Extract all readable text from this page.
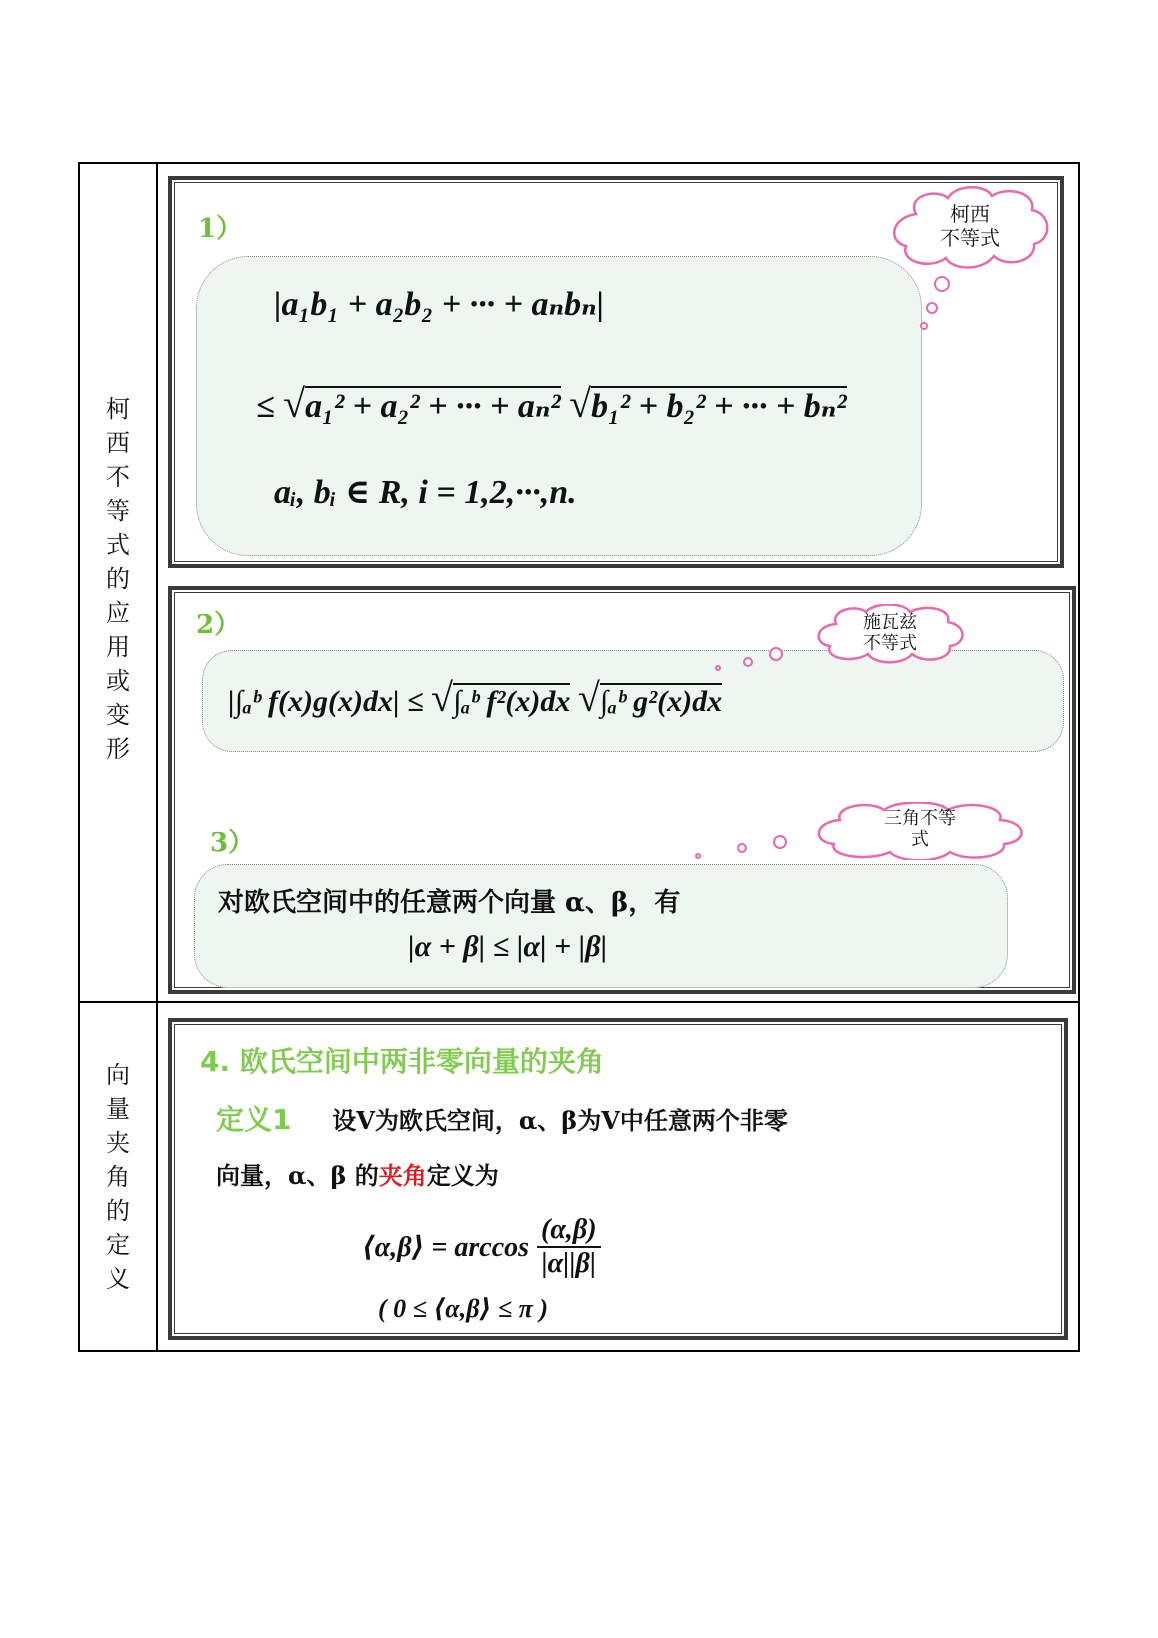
柯
西
不
等
式
的
应
用
或
变
形
向
量
夹
角
的
定
义
1）
|a₁b₁ + a₂b₂ + ··· + aₙbₙ|
≤ √a₁² + a₂² + ··· + aₙ² √b₁² + b₂² + ··· + bₙ²
aᵢ, bᵢ ∈ R, i = 1,2,···,n.
柯西
不等式
2）
|∫ₐᵇ f(x)g(x)dx| ≤ √∫ₐᵇ f²(x)dx √∫ₐᵇ g²(x)dx
施瓦兹
不等式
3）
对欧氏空间中的任意两个向量 α、β，有
|α + β| ≤ |α| + |β|
三角不等
式
4. 欧氏空间中两非零向量的夹角
定义1 设V为欧氏空间，α、β为V中任意两个非零
向量，α、β 的夹角定义为
⟨α,β⟩ = $\arccos \frac{(\alpha,\beta)}{|\alpha||\beta|}$
( 0 ≤ ⟨α,β⟩ ≤ π )
